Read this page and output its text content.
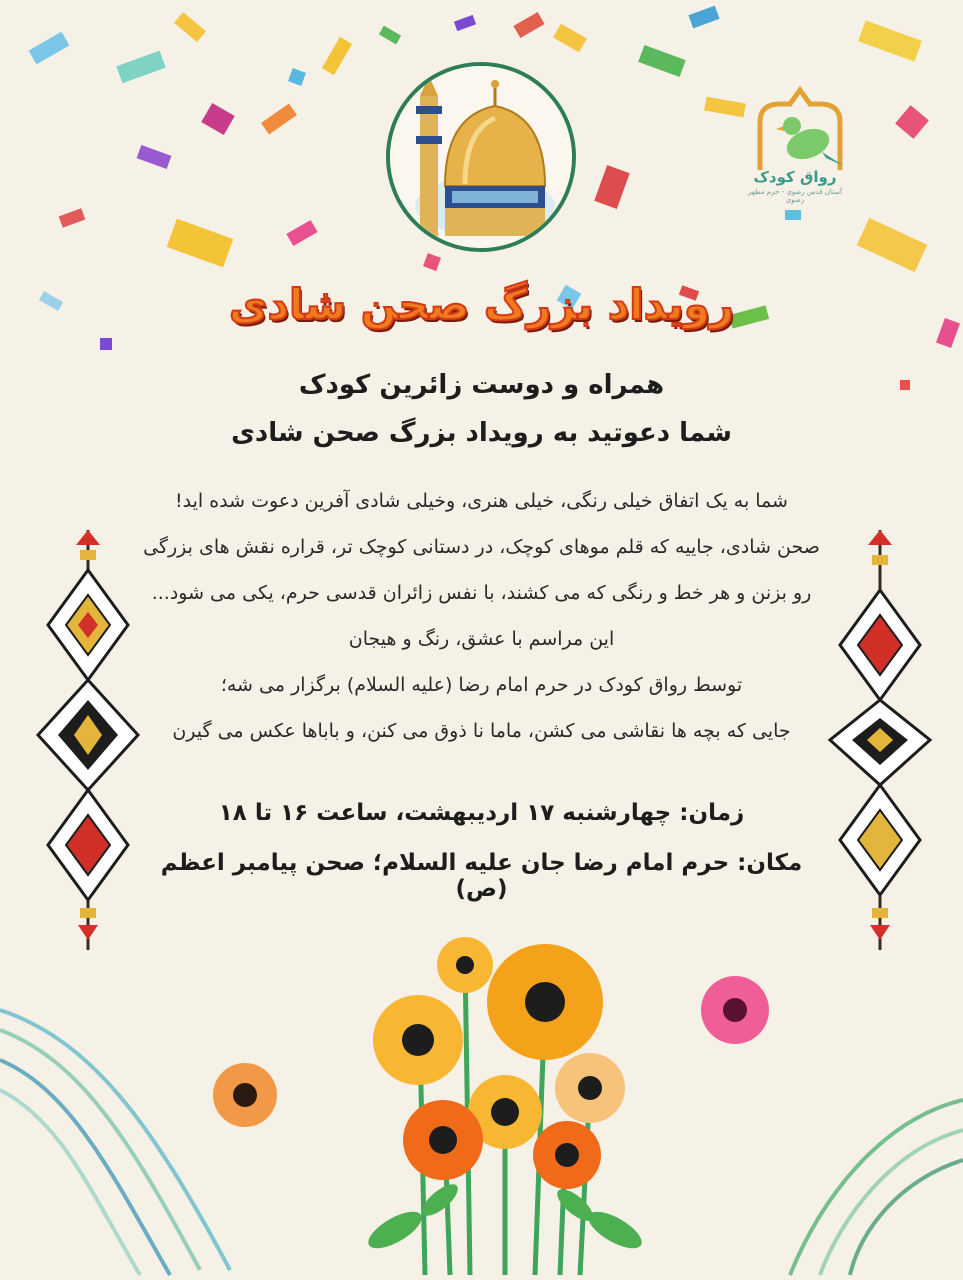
رواق کودک
آستان قدس رضوی - حرم مطهر رضوی
رویداد بزرگ صحن شادی
همراه و دوست زائرین کودک
شما دعوتید به رویداد بزرگ صحن شادی
شما به یک اتفاق خیلی رنگی، خیلی هنری، وخیلی شادی آفرین دعوت شده اید!
صحن شادی، جاییه که قلم موهای کوچک، در دستانی کوچک تر، قراره نقش های بزرگی
رو بزنن و هر خط و رنگی که می کشند، با نفس زائران قدسی حرم، یکی می شود...
این مراسم با عشق، رنگ و هیجان
توسط رواق کودک در حرم امام رضا (علیه السلام) برگزار می شه؛
جایی که بچه ها نقاشی می کشن، ماما نا ذوق می کنن، و باباها عکس می گیرن
زمان: چهارشنبه ۱۷ اردیبهشت، ساعت ۱۶ تا ۱۸
مکان: حرم امام رضا جان علیه السلام؛ صحن پیامبر اعظم (ص)
